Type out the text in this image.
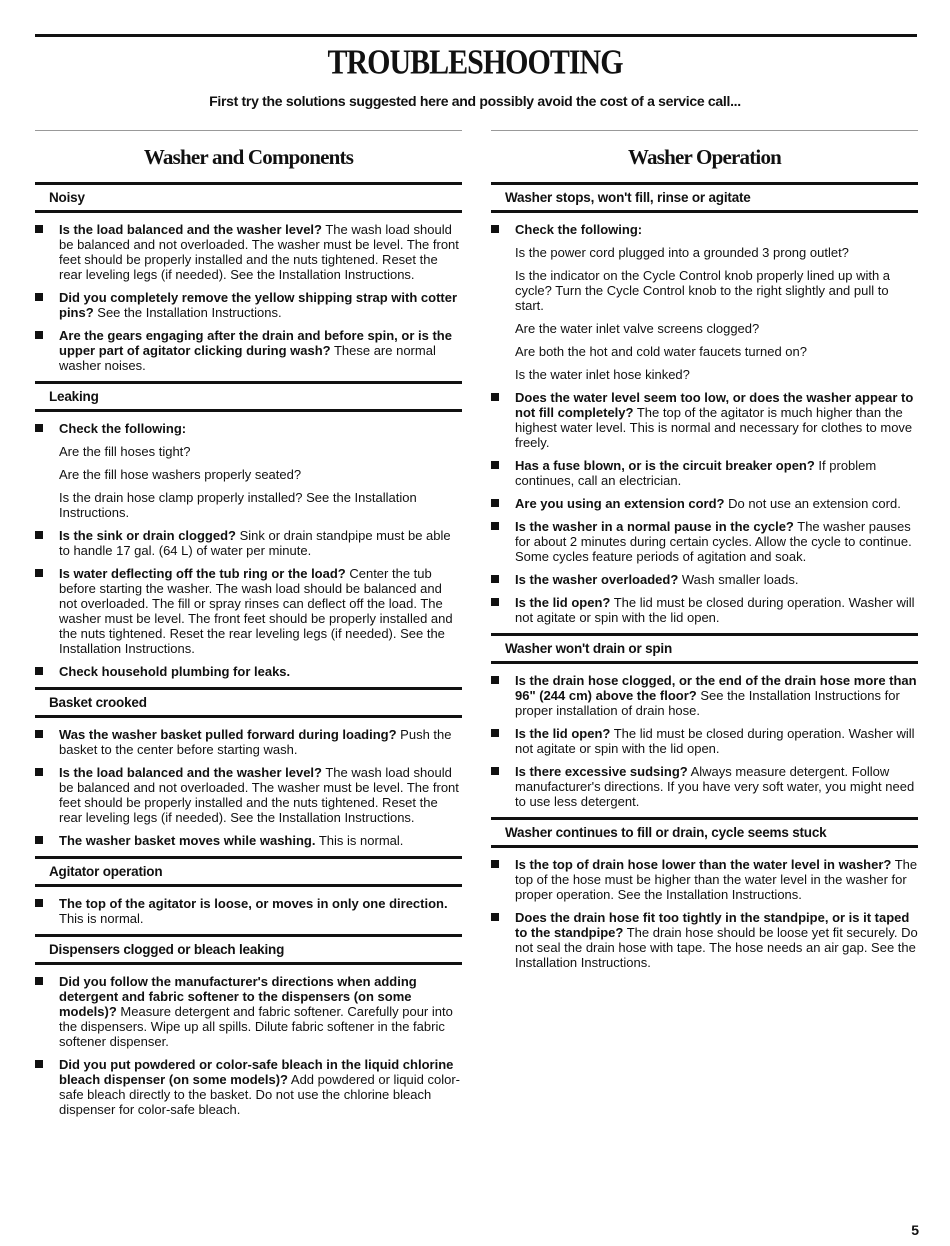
TROUBLESHOOTING

First try the solutions suggested here and possibly avoid the cost of a service call...

Washer and Components
Noisy
Is the load balanced and the washer level? The wash load should be balanced and not overloaded. The washer must be level. The front feet should be properly installed and the nuts tightened. Reset the rear leveling legs (if needed). See the Installation Instructions.
Did you completely remove the yellow shipping strap with cotter pins? See the Installation Instructions.
Are the gears engaging after the drain and before spin, or is the upper part of agitator clicking during wash? These are normal washer noises.
Leaking
Check the following:
Are the fill hoses tight?
Are the fill hose washers properly seated?
Is the drain hose clamp properly installed? See the Installation Instructions.
Is the sink or drain clogged? Sink or drain standpipe must be able to handle 17 gal. (64 L) of water per minute.
Is water deflecting off the tub ring or the load? Center the tub before starting the washer. The wash load should be balanced and not overloaded. The fill or spray rinses can deflect off the load. The washer must be level. The front feet should be properly installed and the nuts tightened. Reset the rear leveling legs (if needed). See the Installation Instructions.
Check household plumbing for leaks.
Basket crooked
Was the washer basket pulled forward during loading? Push the basket to the center before starting wash.
Is the load balanced and the washer level? The wash load should be balanced and not overloaded. The washer must be level. The front feet should be properly installed and the nuts tightened. Reset the rear leveling legs (if needed). See the Installation Instructions.
The washer basket moves while washing. This is normal.
Agitator operation
The top of the agitator is loose, or moves in only one direction. This is normal.
Dispensers clogged or bleach leaking
Did you follow the manufacturer's directions when adding detergent and fabric softener to the dispensers (on some models)? Measure detergent and fabric softener. Carefully pour into the dispensers. Wipe up all spills. Dilute fabric softener in the fabric softener dispenser.
Did you put powdered or color-safe bleach in the liquid chlorine bleach dispenser (on some models)? Add powdered or liquid color-safe bleach directly to the basket. Do not use the chlorine bleach dispenser for color-safe bleach.
Washer Operation
Washer stops, won't fill, rinse or agitate
Check the following:
Is the power cord plugged into a grounded 3 prong outlet?
Is the indicator on the Cycle Control knob properly lined up with a cycle? Turn the Cycle Control knob to the right slightly and pull to start.
Are the water inlet valve screens clogged?
Are both the hot and cold water faucets turned on?
Is the water inlet hose kinked?
Does the water level seem too low, or does the washer appear to not fill completely? The top of the agitator is much higher than the highest water level. This is normal and necessary for clothes to move freely.
Has a fuse blown, or is the circuit breaker open? If problem continues, call an electrician.
Are you using an extension cord? Do not use an extension cord.
Is the washer in a normal pause in the cycle? The washer pauses for about 2 minutes during certain cycles. Allow the cycle to continue. Some cycles feature periods of agitation and soak.
Is the washer overloaded? Wash smaller loads.
Is the lid open? The lid must be closed during operation. Washer will not agitate or spin with the lid open.
Washer won't drain or spin
Is the drain hose clogged, or the end of the drain hose more than 96" (244 cm) above the floor? See the Installation Instructions for proper installation of drain hose.
Is the lid open? The lid must be closed during operation. Washer will not agitate or spin with the lid open.
Is there excessive sudsing? Always measure detergent. Follow manufacturer's directions. If you have very soft water, you might need to use less detergent.
Washer continues to fill or drain, cycle seems stuck
Is the top of drain hose lower than the water level in washer? The top of the hose must be higher than the water level in the washer for proper operation. See the Installation Instructions.
Does the drain hose fit too tightly in the standpipe, or is it taped to the standpipe? The drain hose should be loose yet fit securely. Do not seal the drain hose with tape. The hose needs an air gap. See the Installation Instructions.
5
